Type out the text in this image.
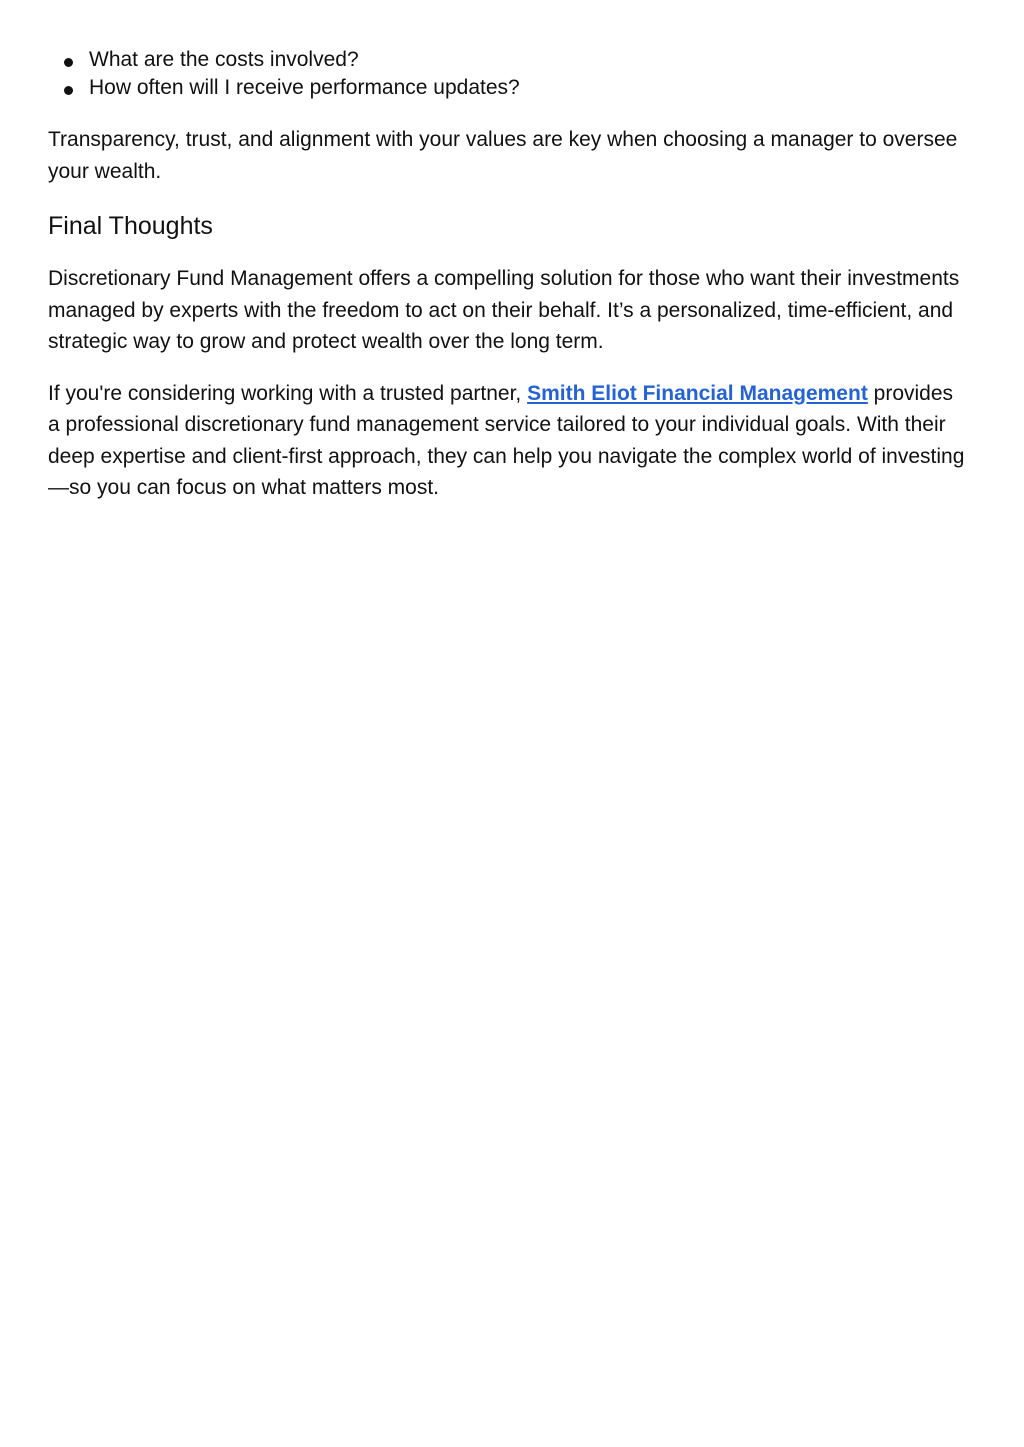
What are the costs involved?
How often will I receive performance updates?

Transparency, trust, and alignment with your values are key when choosing a manager to oversee your wealth.

Final Thoughts

Discretionary Fund Management offers a compelling solution for those who want their investments managed by experts with the freedom to act on their behalf. It’s a personalized, time-efficient, and strategic way to grow and protect wealth over the long term.

If you're considering working with a trusted partner, Smith Eliot Financial Management provides a professional discretionary fund management service tailored to your individual goals. With their deep expertise and client-first approach, they can help you navigate the complex world of investing—so you can focus on what matters most.
